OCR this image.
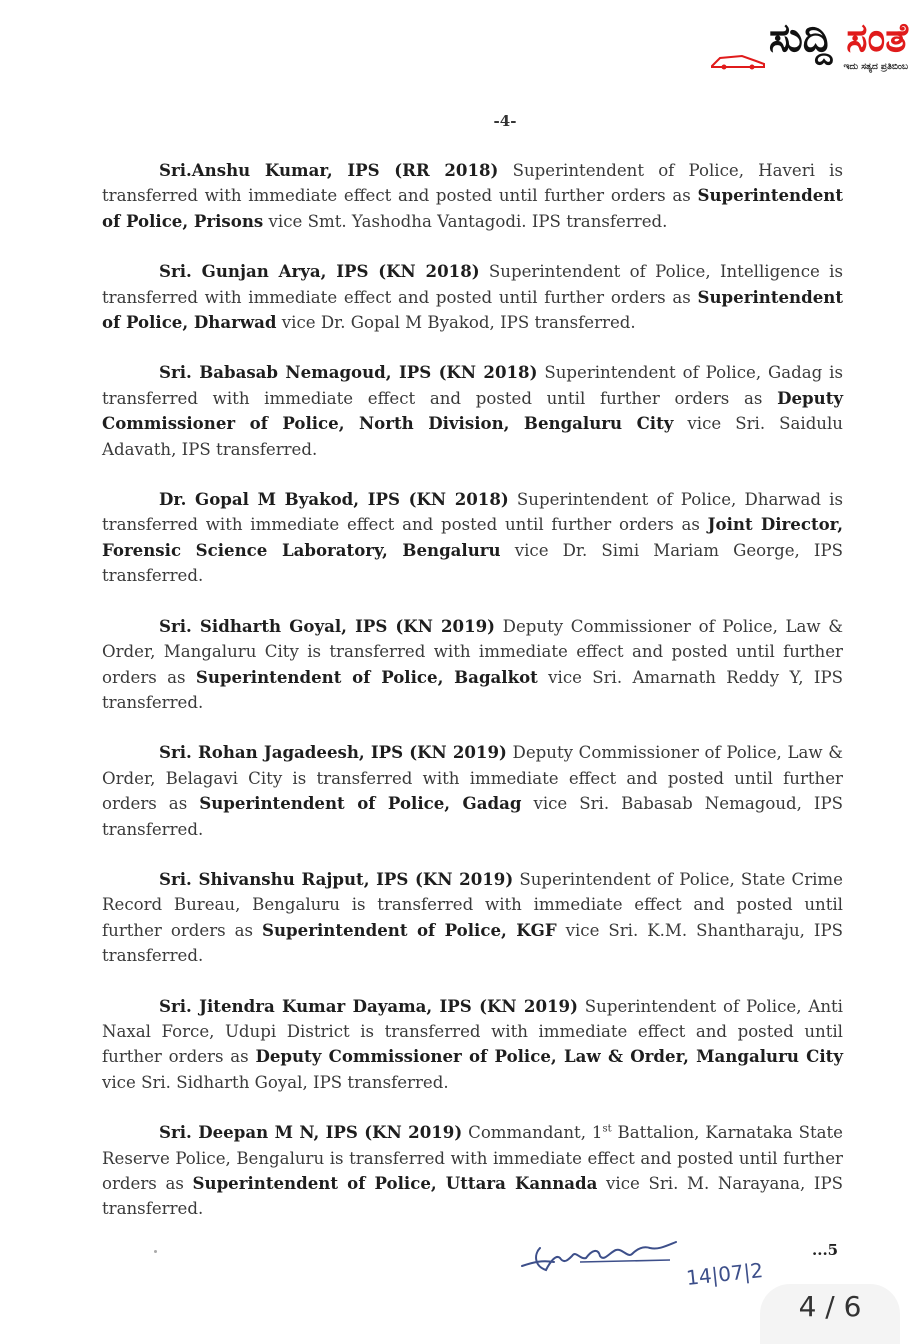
ಸುದ್ದಿ ಸಂತೆ
ಇದು ಸತ್ಯದ ಪ್ರತಿಬಿಂಬ
-4-

Sri.Anshu Kumar, IPS (RR 2018) Superintendent of Police, Haveri is transferred with immediate effect and posted until further orders as Superintendent of Police, Prisons vice Smt. Yashodha Vantagodi. IPS transferred.

Sri. Gunjan Arya, IPS (KN 2018) Superintendent of Police, Intelligence is transferred with immediate effect and posted until further orders as Superintendent of Police, Dharwad vice Dr. Gopal M Byakod, IPS transferred.

Sri. Babasab Nemagoud, IPS (KN 2018) Superintendent of Police, Gadag is transferred with immediate effect and posted until further orders as Deputy Commissioner of Police, North Division, Bengaluru City vice Sri. Saidulu Adavath, IPS transferred.

Dr. Gopal M Byakod, IPS (KN 2018) Superintendent of Police, Dharwad is transferred with immediate effect and posted until further orders as Joint Director, Forensic Science Laboratory, Bengaluru vice Dr. Simi Mariam George, IPS transferred.

Sri. Sidharth Goyal, IPS (KN 2019) Deputy Commissioner of Police, Law & Order, Mangaluru City is transferred with immediate effect and posted until further orders as Superintendent of Police, Bagalkot vice Sri. Amarnath Reddy Y, IPS transferred.

Sri. Rohan Jagadeesh, IPS (KN 2019) Deputy Commissioner of Police, Law & Order, Belagavi City is transferred with immediate effect and posted until further orders as Superintendent of Police, Gadag vice Sri. Babasab Nemagoud, IPS transferred.

Sri. Shivanshu Rajput, IPS (KN 2019) Superintendent of Police, State Crime Record Bureau, Bengaluru is transferred with immediate effect and posted until further orders as Superintendent of Police, KGF vice Sri. K.M. Shantharaju, IPS transferred.

Sri. Jitendra Kumar Dayama, IPS (KN 2019) Superintendent of Police, Anti Naxal Force, Udupi District is transferred with immediate effect and posted until further orders as Deputy Commissioner of Police, Law & Order, Mangaluru City vice Sri. Sidharth Goyal, IPS transferred.

Sri. Deepan M N, IPS (KN 2019) Commandant, 1st Battalion, Karnataka State Reserve Police, Bengaluru is transferred with immediate effect and posted until further orders as Superintendent of Police, Uttara Kannada vice Sri. M. Narayana, IPS transferred.

14|07|2
...5
4 / 6
